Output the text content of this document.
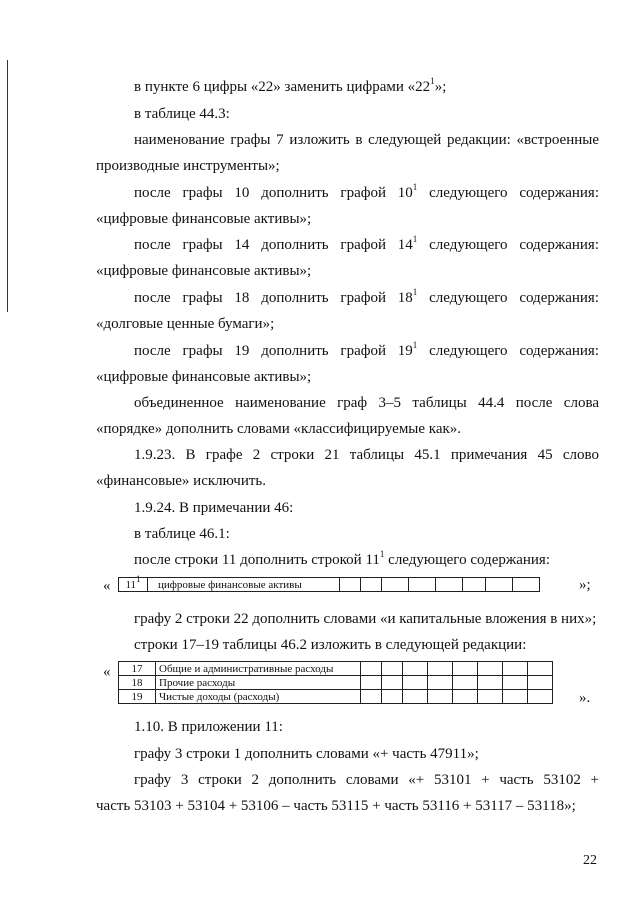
в пункте 6 цифры «22» заменить цифрами «$22^1$»;
в таблице 44.3:
наименование графы 7 изложить в следующей редакции: «встроенные
производные инструменты»;
после графы 10 дополнить графой $10^1$ следующего содержания:
«цифровые финансовые активы»;
после графы 14 дополнить графой $14^1$ следующего содержания:
«цифровые финансовые активы»;
после графы 18 дополнить графой $18^1$ следующего содержания:
«долговые ценные бумаги»;
после графы 19 дополнить графой $19^1$ следующего содержания:
«цифровые финансовые активы»;
объединенное наименование граф 3–5 таблицы 44.4 после слова
«порядке» дополнить словами «классифицируемые как».
1.9.23. В графе 2 строки 21 таблицы 45.1 примечания 45 слово
«финансовые» исключить.
1.9.24. В примечании 46:
в таблице 46.1:
после строки 11 дополнить строкой $11^1$ следующего содержания:
« $11^1$	цифровые финансовые активы									»;
графу 2 строки 22 дополнить словами «и капитальные вложения в них»;
строки 17–19 таблицы 46.2 изложить в следующей редакции:
« 17	Общие и административные расходы								
18	Прочие расходы								
19	Чистые доходы (расходы)									».
1.10. В приложении 11:
графу 3 строки 1 дополнить словами «+ часть 47911»;
графу 3 строки 2 дополнить словами «+ 53101 + часть 53102 +
часть 53103 + 53104 + 53106 – часть 53115 + часть 53116 + 53117 – 53118»;
22
